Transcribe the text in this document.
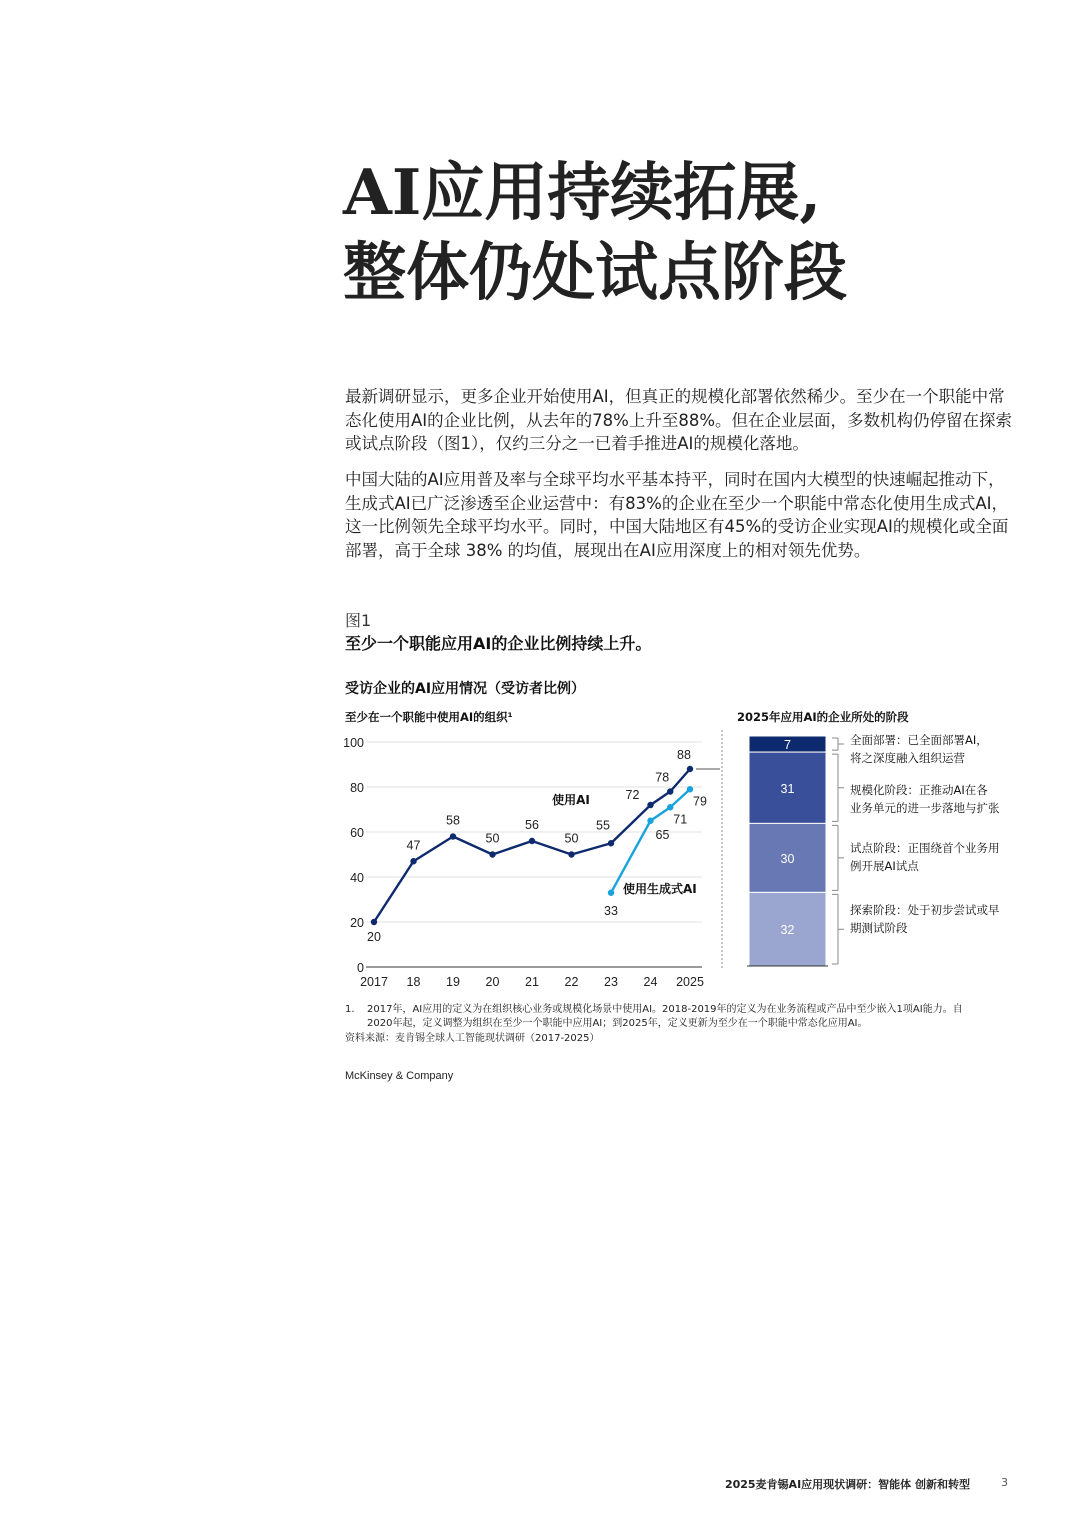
AI应用持续拓展,
整体仍处试点阶段

最新调研显示，更多企业开始使用AI，但真正的规模化部署依然稀少。至少在一个职能中常态化使用AI的企业比例，从去年的78%上升至88%。但在企业层面，多数机构仍停留在探索或试点阶段（图1），仅约三分之一已着手推进AI的规模化落地。

中国大陆的AI应用普及率与全球平均水平基本持平，同时在国内大模型的快速崛起推动下，生成式AI已广泛渗透至企业运营中：有83%的企业在至少一个职能中常态化使用生成式AI，这一比例领先全球平均水平。同时，中国大陆地区有45%的受访企业实现AI的规模化或全面部署，高于全球 38% 的均值，展现出在AI应用深度上的相对领先优势。

图1
至少一个职能应用AI的企业比例持续上升。
受访企业的AI应用情况（受访者比例）
至少在一个职能中使用AI的组织¹	2025年应用AI的企业所处的阶段
0
20
40
60
80
100
2017 18 19 20 21 22 23 24 2025
20
47
58
50
56
50
55
72
78
88
使用AI
33
65
71
79
使用生成式AI
7	全面部署：已全面部署AI，将之深度融入组织运营
31	规模化阶段：正推动AI在各业务单元的进一步落地与扩张
30
试点阶段：正围绕首个业务用例开展AI试点
32
探索阶段：处于初步尝试或早期测试阶段
1.	2017年，AI应用的定义为在组织核心业务或规模化场景中使用AI。2018-2019年的定义为在业务流程或产品中至少嵌入1项AI能力。自
2020年起，定义调整为组织在至少一个职能中应用AI；到2025年，定义更新为至少在一个职能中常态化应用AI。
资料来源：麦肯锡全球人工智能现状调研（2017-2025）
McKinsey & Company
2025麦肯锡AI应用现状调研：智能体 创新和转型	3
